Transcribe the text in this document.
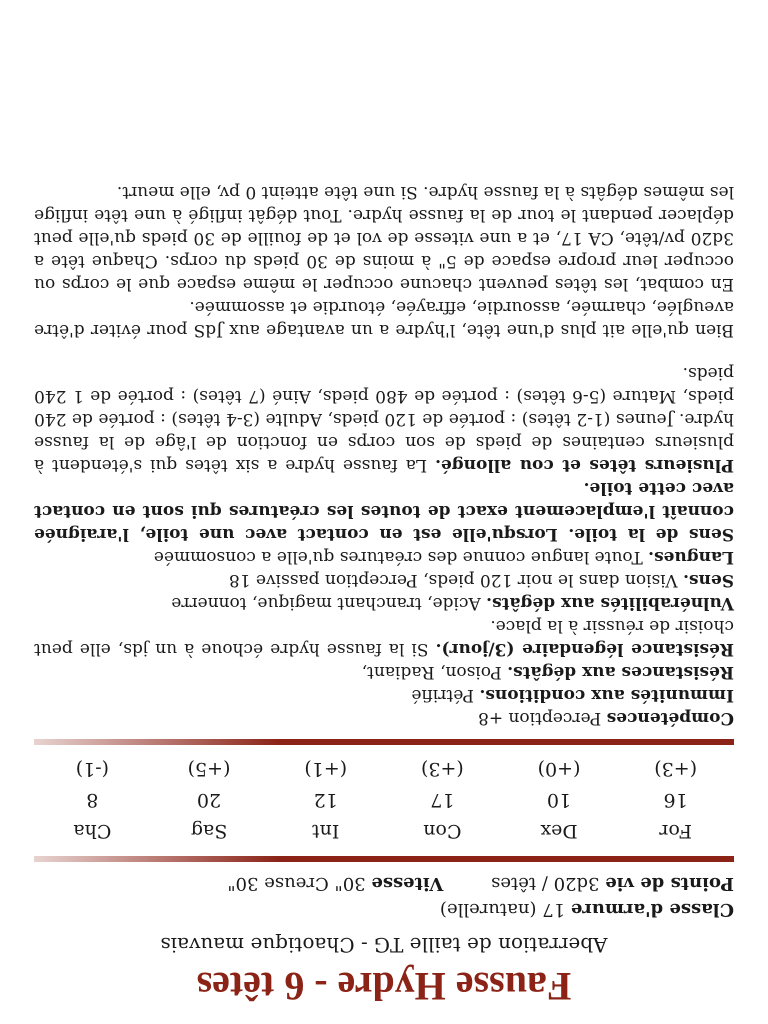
Fausse Hydre - 6 têtes
Aberration de taille TG - Chaotique mauvais
Classe d'armure 17 (naturelle)
Points de vie 3d20 / têtes Vitesse 30" Creuse 30"
For	Dex	Con	Int	Sag	Cha
16	10	17	12	20	8
(+3)	(+0)	(+3)	(+1)	(+5)	(-1)

Compétences Perception +8

Immunités aux conditions. Pétrifié

Résistances aux dégâts. Poison, Radiant,

Résistance légendaire (3/jour). Si la fausse hydre échoue à un jds, elle peut choisir de réussir à la place.

Vulnérabilités aux dégâts. Acide, tranchant magique, tonnerre

Sens. Vision dans le noir 120 pieds, Perception passive 18

Langues. Toute langue connue des créatures qu'elle a consommée

Sens de la toile. Lorsqu'elle est en contact avec une toile, l'araignée connaît l'emplacement exact de toutes les créatures qui sont en contact avec cette toile.

Plusieurs têtes et cou allongé. La fausse hydre a six têtes qui s'étendent à plusieurs centaines de pieds de son corps en fonction de l'âge de la fausse hydre. Jeunes (1-2 têtes) : portée de 120 pieds, Adulte (3-4 têtes) : portée de 240 pieds, Mature (5-6 têtes) : portée de 480 pieds, Ainé (7 têtes) : portée de 1 240 pieds.

Bien qu'elle ait plus d'une tête, l'hydre a un avantage aux JdS pour éviter d'être aveuglée, charmée, assourdie, effrayée, étourdie et assommée.

En combat, les têtes peuvent chacune occuper le même espace que le corps ou occuper leur propre espace de 5" à moins de 30 pieds du corps. Chaque tête a 3d20 pv/tête, CA 17, et a une vitesse de vol et de fouille de 30 pieds qu'elle peut déplacer pendant le tour de la fausse hydre. Tout dégât infligé à une tête inflige les mêmes dégâts à la fausse hydre. Si une tête atteint 0 pv, elle meurt.
